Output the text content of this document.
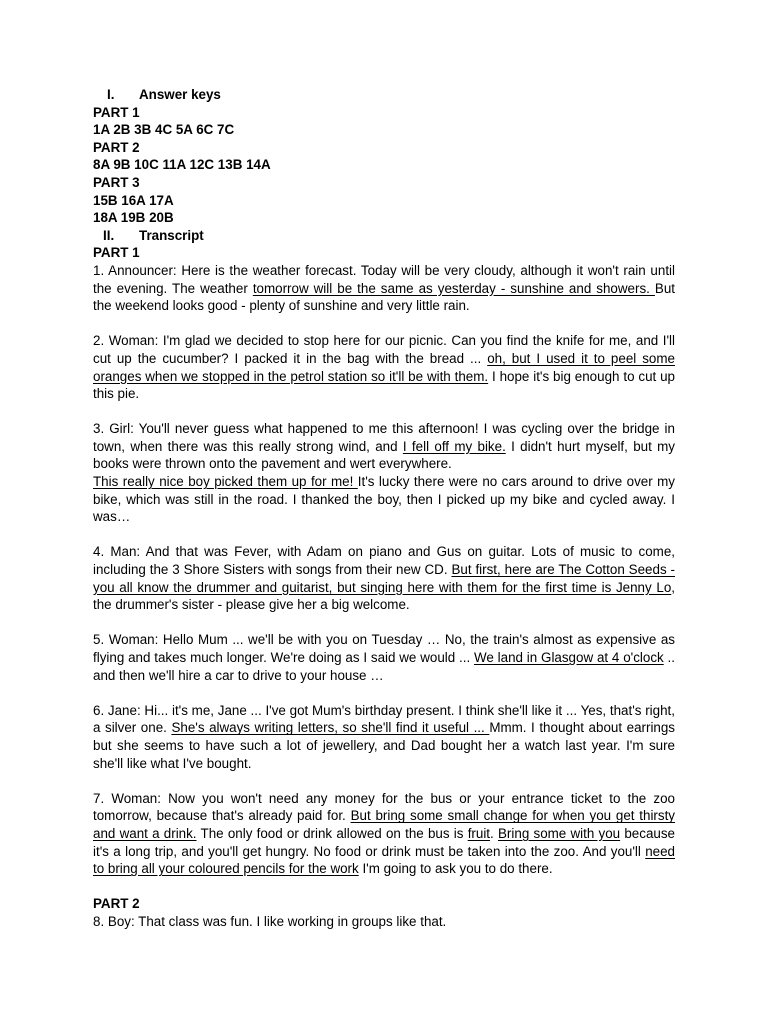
I.	Answer keys
PART 1
1A 2B 3B 4C 5A 6C 7C
PART 2
8A 9B 10C 11A 12C 13B 14A
PART 3
15B 16A 17A
18A 19B 20B
II.	Transcript
PART 1
1. Announcer: Here is the weather forecast. Today will be very cloudy, although it won't rain until the evening. The weather tomorrow will be the same as yesterday - sunshine and showers. But the weekend looks good - plenty of sunshine and very little rain.
2. Woman: I'm glad we decided to stop here for our picnic. Can you find the knife for me, and I'll cut up the cucumber? I packed it in the bag with the bread ... oh, but I used it to peel some oranges when we stopped in the petrol station so it'll be with them. I hope it's big enough to cut up this pie.
3. Girl: You'll never guess what happened to me this afternoon! I was cycling over the bridge in town, when there was this really strong wind, and I fell off my bike. I didn't hurt myself, but my books were thrown onto the pavement and wert everywhere.
This really nice boy picked them up for me! It's lucky there were no cars around to drive over my bike, which was still in the road. I thanked the boy, then I picked up my bike and cycled away. I was…
4. Man: And that was Fever, with Adam on piano and Gus on guitar. Lots of music to come, including the 3 Shore Sisters with songs from their new CD. But first, here are The Cotton Seeds - you all know the drummer and guitarist, but singing here with them for the first time is Jenny Lo, the drummer's sister - please give her a big welcome.
5. Woman: Hello Mum ... we'll be with you on Tuesday … No, the train's almost as expensive as flying and takes much longer. We're doing as I said we would ... We land in Glasgow at 4 o'clock .. and then we'll hire a car to drive to your house …
6. Jane: Hi... it's me, Jane ... I've got Mum's birthday present. I think she'll like it ... Yes, that's right, a silver one. She's always writing letters, so she'll find it useful ... Mmm. I thought about earrings but she seems to have such a lot of jewellery, and Dad bought her a watch last year. I'm sure she'll like what I've bought.
7. Woman: Now you won't need any money for the bus or your entrance ticket to the zoo tomorrow, because that's already paid for. But bring some small change for when you get thirsty and want a drink. The only food or drink allowed on the bus is fruit. Bring some with you because it's a long trip, and you'll get hungry. No food or drink must be taken into the zoo. And you'll need to bring all your coloured pencils for the work I'm going to ask you to do there.
PART 2
8. Boy: That class was fun. I like working in groups like that.
